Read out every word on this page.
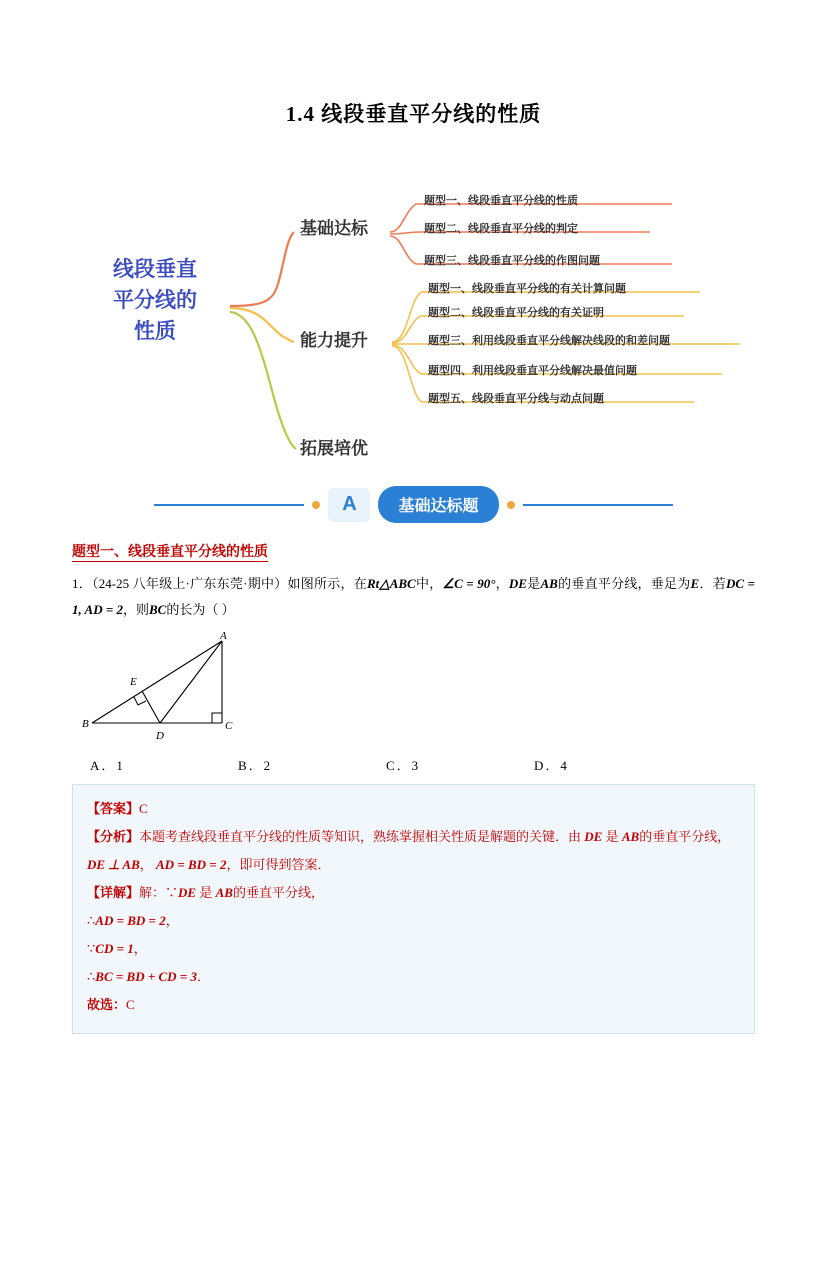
1.4 线段垂直平分线的性质
线段垂直
平分线的
性质
基础达标
能力提升
拓展培优
题型一、线段垂直平分线的性质
题型二、线段垂直平分线的判定
题型三、线段垂直平分线的作图问题
题型一、线段垂直平分线的有关计算问题
题型二、线段垂直平分线的有关证明
题型三、利用线段垂直平分线解决线段的和差问题
题型四、利用线段垂直平分线解决最值问题
题型五、线段垂直平分线与动点问题
A	基础达标题
题型一、线段垂直平分线的性质
1．（24-25 八年级上·广东东莞·期中）如图所示，在Rt△ABC中，∠C = 90°，DE是AB的垂直平分线，垂足为E．若DC = 1, AD = 2，则BC的长为（ ）
A
B	C
D
E
A．1	B．2	C．3	D．4

【答案】C

【分析】本题考查线段垂直平分线的性质等知识，熟练掌握相关性质是解题的关键．由 DE 是 AB的垂直平分线，

DE ⊥ AB， AD = BD = 2，即可得到答案．

【详解】解：∵DE 是 AB的垂直平分线，

∴AD = BD = 2，

∵CD = 1，

∴BC = BD + CD = 3．

故选：C
